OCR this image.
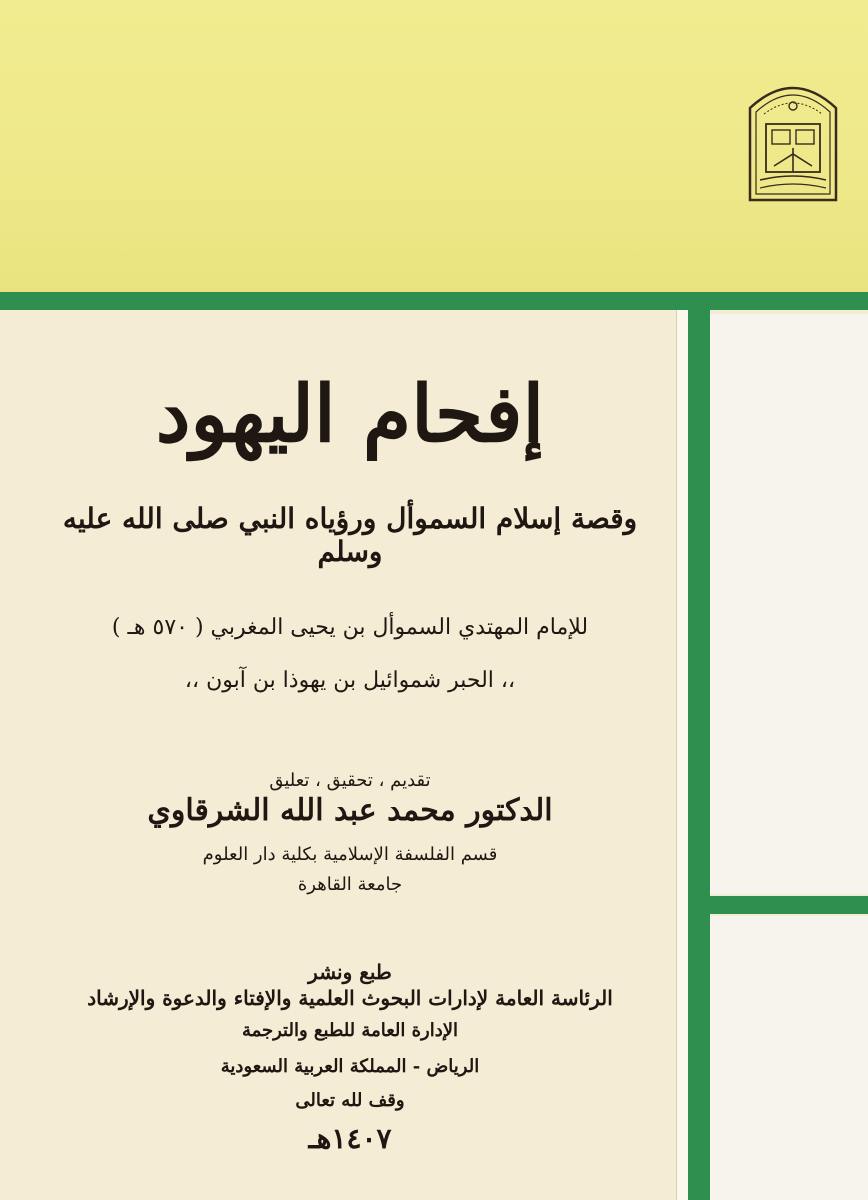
إفحام اليهود
وقصة إسلام السموأل ورؤياه النبي صلى الله عليه وسلم
للإمام المهتدي السموأل بن يحيى المغربي ( ٥٧٠ هـ )
،، الحبر شموائيل بن يهوذا بن آبون ،،
تقديم ، تحقيق ، تعليق
الدكتور محمد عبد الله الشرقاوي
قسم الفلسفة الإسلامية بكلية دار العلوم
جامعة القاهرة
طبع ونشر
الرئاسة العامة لإدارات البحوث العلمية والإفتاء والدعوة والإرشاد
الإدارة العامة للطبع والترجمة
الرياض - المملكة العربية السعودية
وقف لله تعالى
١٤٠٧هـ
